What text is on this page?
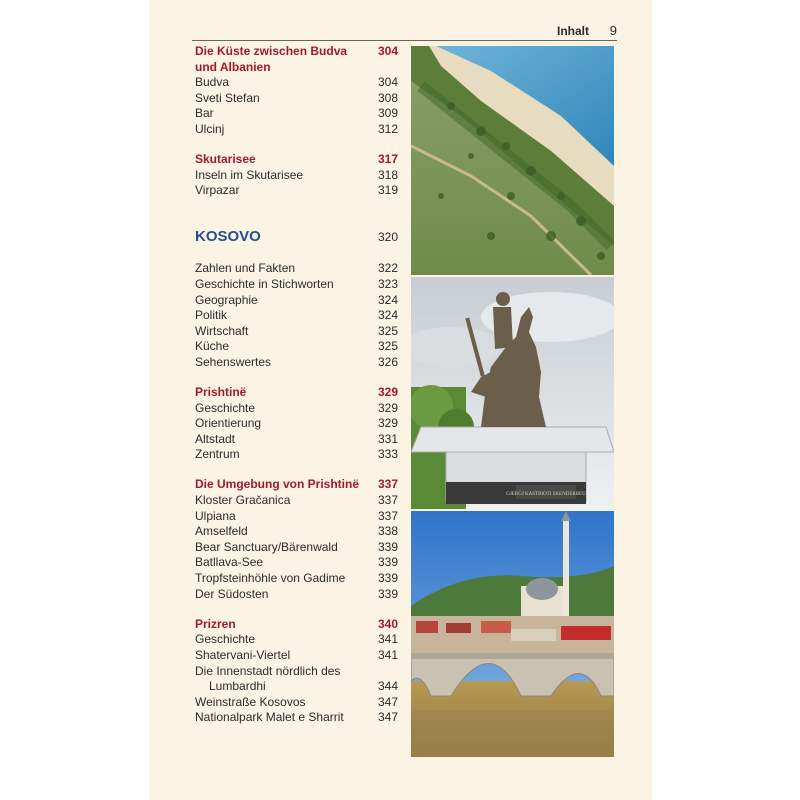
Inhalt 9
Die Küste zwischen Budva	304
und Albanien
Budva	304
Sveti Stefan	308
Bar	309
Ulcinj	312
Skutarisee	317
Inseln im Skutarisee	318
Virpazar	319
KOSOVO	320
Zahlen und Fakten	322
Geschichte in Stichworten	323
Geographie	324
Politik	324
Wirtschaft	325
Küche	325
Sehenswertes	326
Prishtinë	329
Geschichte	329
Orientierung	329
Altstadt	331
Zentrum	333
Die Umgebung von Prishtinë 337
Kloster Gračanica	337
Ulpiana	337
Amselfeld	338
Bear Sanctuary/Bärenwald	339
Batllava-See	339
Tropfsteinhöhle von Gadime	339
Der Südosten	339
Prizren	340
Geschichte	341
Shatervani-Viertel	341
Die Innenstadt nördlich des
Lumbardhi	344
Weinstraße Kosovos	347
Nationalpark Malet e Sharrit	347
GJERGJ KASTRIOTI SKENDERBEU
